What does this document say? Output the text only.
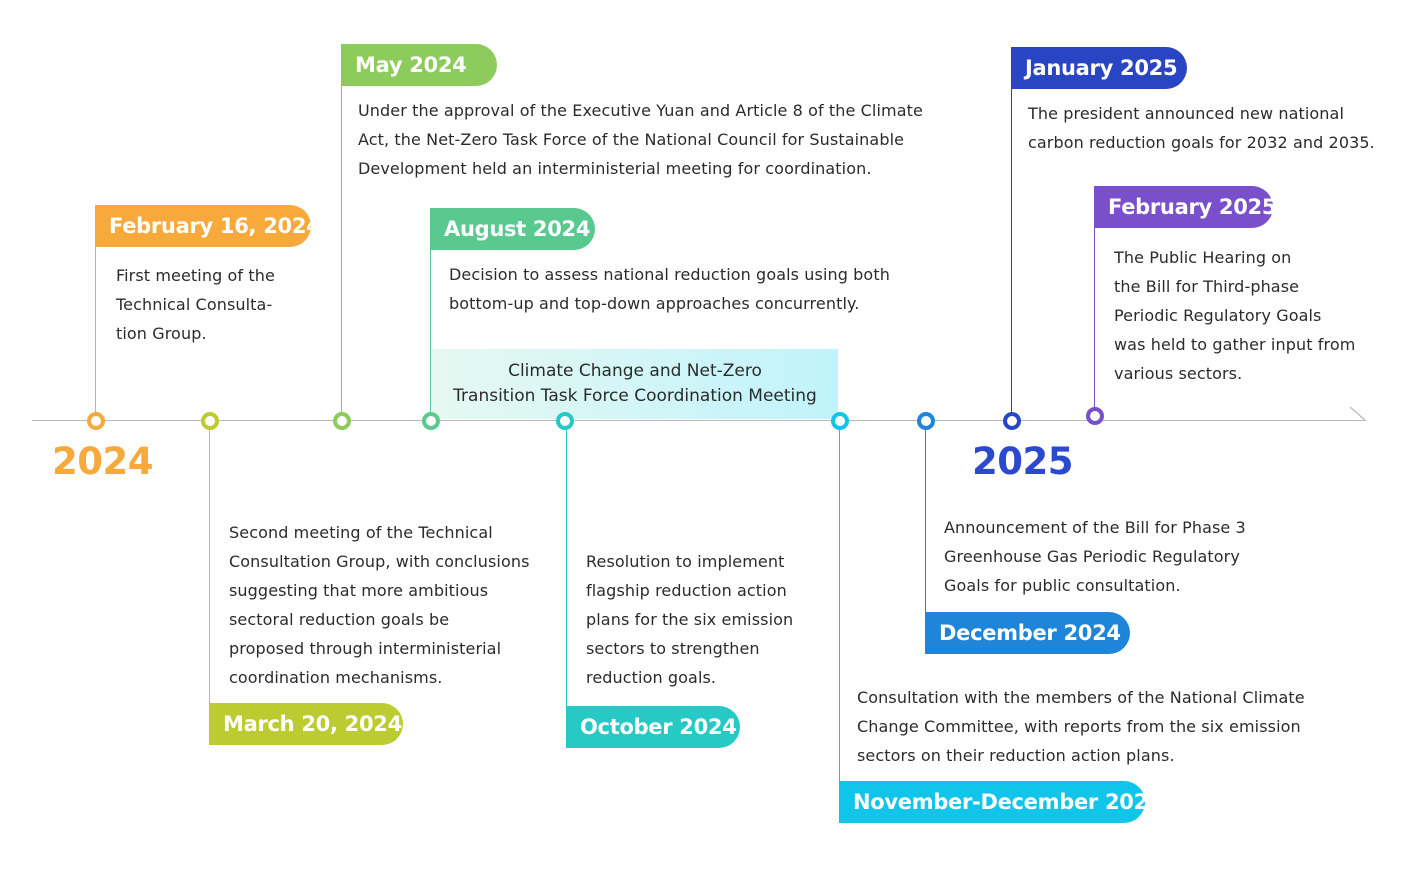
2024	2025
Climate Change and Net-Zero
Transition Task Force Coordination Meeting
February 16, 2024
First meeting of the
Technical Consulta-
tion Group.
Second meeting of the Technical
Consultation Group, with conclusions
suggesting that more ambitious
sectoral reduction goals be
proposed through interministerial
coordination mechanisms.
March 20, 2024
May 2024
Under the approval of the Executive Yuan and Article 8 of the Climate
Act, the Net-Zero Task Force of the National Council for Sustainable
Development held an interministerial meeting for coordination.
August 2024
Decision to assess national reduction goals using both
bottom-up and top-down approaches concurrently.
Resolution to implement
flagship reduction action
plans for the six emission
sectors to strengthen
reduction goals.
October 2024
Consultation with the members of the National Climate
Change Committee, with reports from the six emission
sectors on their reduction action plans.
November-December 2024
Announcement of the Bill for Phase 3
Greenhouse Gas Periodic Regulatory
Goals for public consultation.
December 2024
January 2025
The president announced new national
carbon reduction goals for 2032 and 2035.
February 2025
The Public Hearing on
the Bill for Third-phase
Periodic Regulatory Goals
was held to gather input from
various sectors.
